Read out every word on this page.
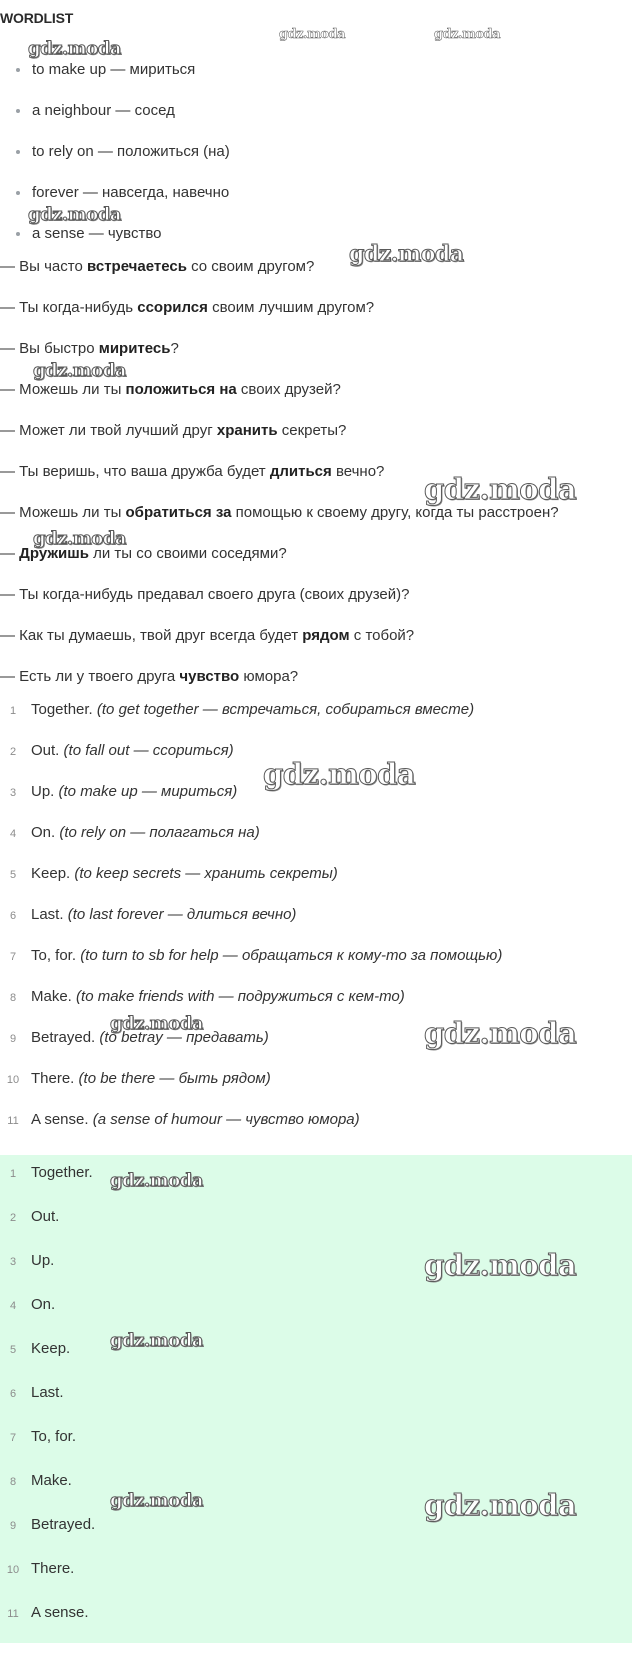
WORDLIST
to make up — мириться
a neighbour — сосед
to rely on — положиться (на)
forever — навсегда, навечно
a sense — чувство
— Вы часто встречаетесь со своим другом?
— Ты когда-нибудь ссорился своим лучшим другом?
— Вы быстро миритесь?
— Можешь ли ты положиться на своих друзей?
— Может ли твой лучший друг хранить секреты?
— Ты веришь, что ваша дружба будет длиться вечно?
— Можешь ли ты обратиться за помощью к своему другу, когда ты расстроен?
— Дружишь ли ты со своими соседями?
— Ты когда-нибудь предавал своего друга (своих друзей)?
— Как ты думаешь, твой друг всегда будет рядом с тобой?
— Есть ли у твоего друга чувство юмора?
1 Together. (to get together — встречаться, собираться вместе)
2 Out. (to fall out — ссориться)
3 Up. (to make up — мириться)
4 On. (to rely on — полагаться на)
5 Keep. (to keep secrets — хранить секреты)
6 Last. (to last forever — длиться вечно)
7 To, for. (to turn to sb for help — обращаться к кому-то за помощью)
8 Make. (to make friends with — подружиться с кем-то)
9 Betrayed. (to betray — предавать)
10 There. (to be there — быть рядом)
11 A sense. (a sense of humour — чувство юмора)
1 Together.
2 Out.
3 Up.
4 On.
5 Keep.
6 Last.
7 To, for.
8 Make.
9 Betrayed.
10 There.
11 A sense.
gdz.moda	gdz.moda
gdz.moda
gdz.moda
gdz.moda
gdz.moda
gdz.moda
gdz.moda
gdz.moda
gdz.moda	gdz.moda
gdz.moda
gdz.moda
gdz.moda
gdz.moda	gdz.moda
